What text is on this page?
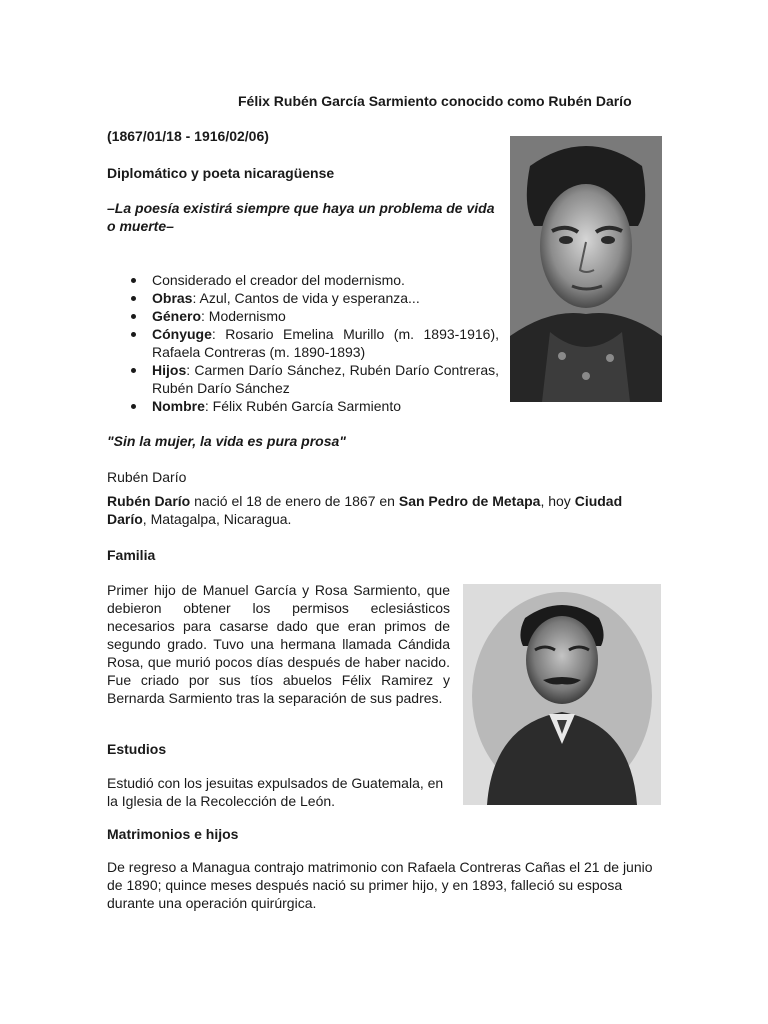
Félix Rubén García Sarmiento conocido como Rubén Darío
(1867/01/18 - 1916/02/06)
Diplomático y poeta nicaragüense
–La poesía existirá siempre que haya un problema de vida o muerte–
Considerado el creador del modernismo.
Obras: Azul, Cantos de vida y esperanza...
Género: Modernismo
Cónyuge: Rosario Emelina Murillo (m. 1893-1916), Rafaela Contreras (m. 1890-1893)
Hijos: Carmen Darío Sánchez, Rubén Darío Contreras, Rubén Darío Sánchez
Nombre: Félix Rubén García Sarmiento
"Sin la mujer, la vida es pura prosa"
Rubén Darío
Rubén Darío nació el 18 de enero de 1867 en San Pedro de Metapa, hoy Ciudad Darío, Matagalpa, Nicaragua.
Familia
Primer hijo de Manuel García y Rosa Sarmiento, que debieron obtener los permisos eclesiásticos necesarios para casarse dado que eran primos de segundo grado. Tuvo una hermana llamada Cándida Rosa, que murió pocos días después de haber nacido. Fue criado por sus tíos abuelos Félix Ramirez y Bernarda Sarmiento tras la separación de sus padres.
Estudios
Estudió con los jesuitas expulsados de Guatemala, en la Iglesia de la Recolección de León.
Matrimonios e hijos
De regreso a Managua contrajo matrimonio con Rafaela Contreras Cañas el 21 de junio de 1890; quince meses después nació su primer hijo, y en 1893, falleció su esposa durante una operación quirúrgica.
